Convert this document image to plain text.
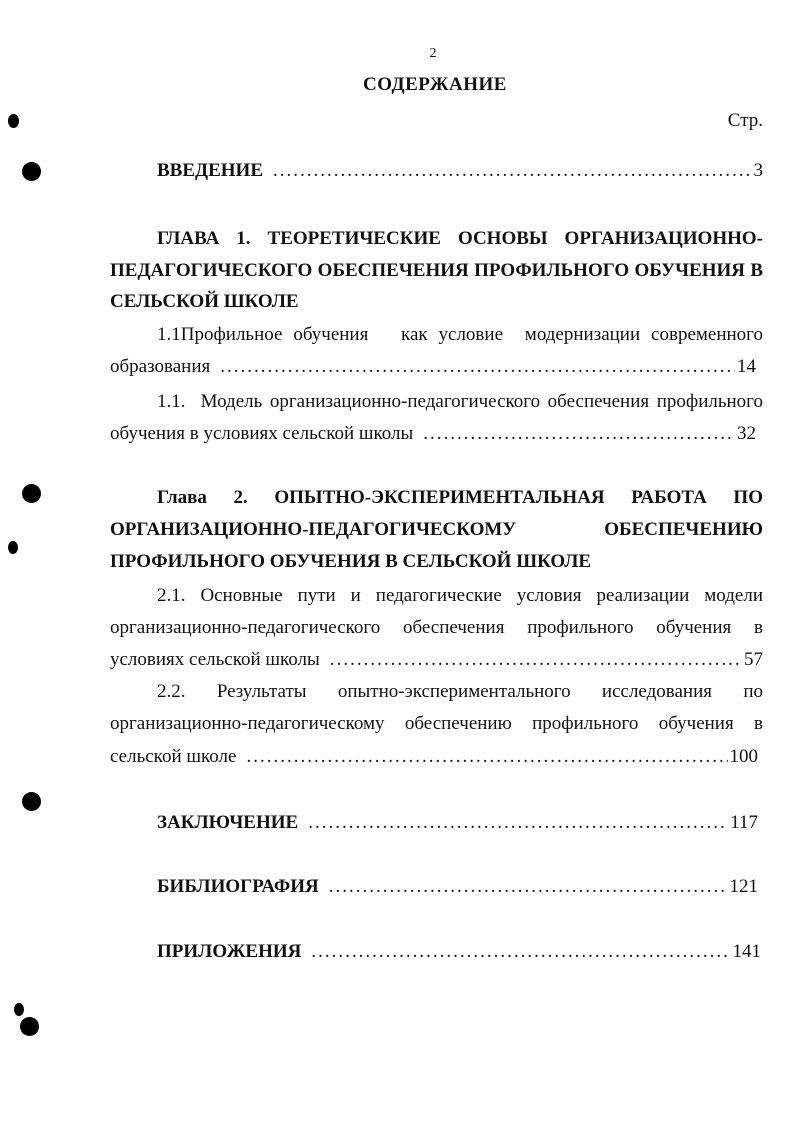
2
СОДЕРЖАНИЕ
Стр.
ВВЕДЕНИЕ .....	3
ГЛАВА 1. ТЕОРЕТИЧЕСКИЕ ОСНОВЫ ОРГАНИЗАЦИОННО-
ПЕДАГОГИЧЕСКОГО ОБЕСПЕЧЕНИЯ ПРОФИЛЬНОГО ОБУЧЕНИЯ В
СЕЛЬСКОЙ ШКОЛЕ
1.1Профильное обучения   как условие  модернизации современного
образования .....	14
1.1.  Модель организационно-педагогического обеспечения профильного
обучения в условиях сельской школы .....	32
Глава 2. ОПЫТНО-ЭКСПЕРИМЕНТАЛЬНАЯ РАБОТА ПО
ОРГАНИЗАЦИОННО-ПЕДАГОГИЧЕСКОМУ ОБЕСПЕЧЕНИЮ
ПРОФИЛЬНОГО ОБУЧЕНИЯ В СЕЛЬСКОЙ ШКОЛЕ
2.1. Основные пути и педагогические условия реализации модели
организационно-педагогического обеспечения профильного обучения в
условиях сельской школы .....	57
2.2. Результаты опытно-экспериментального исследования по
организационно-педагогическому обеспечению профильного обучения в
сельской школе .....	100
ЗАКЛЮЧЕНИЕ .....	117
БИБЛИОГРАФИЯ .....	121
ПРИЛОЖЕНИЯ .....	141
